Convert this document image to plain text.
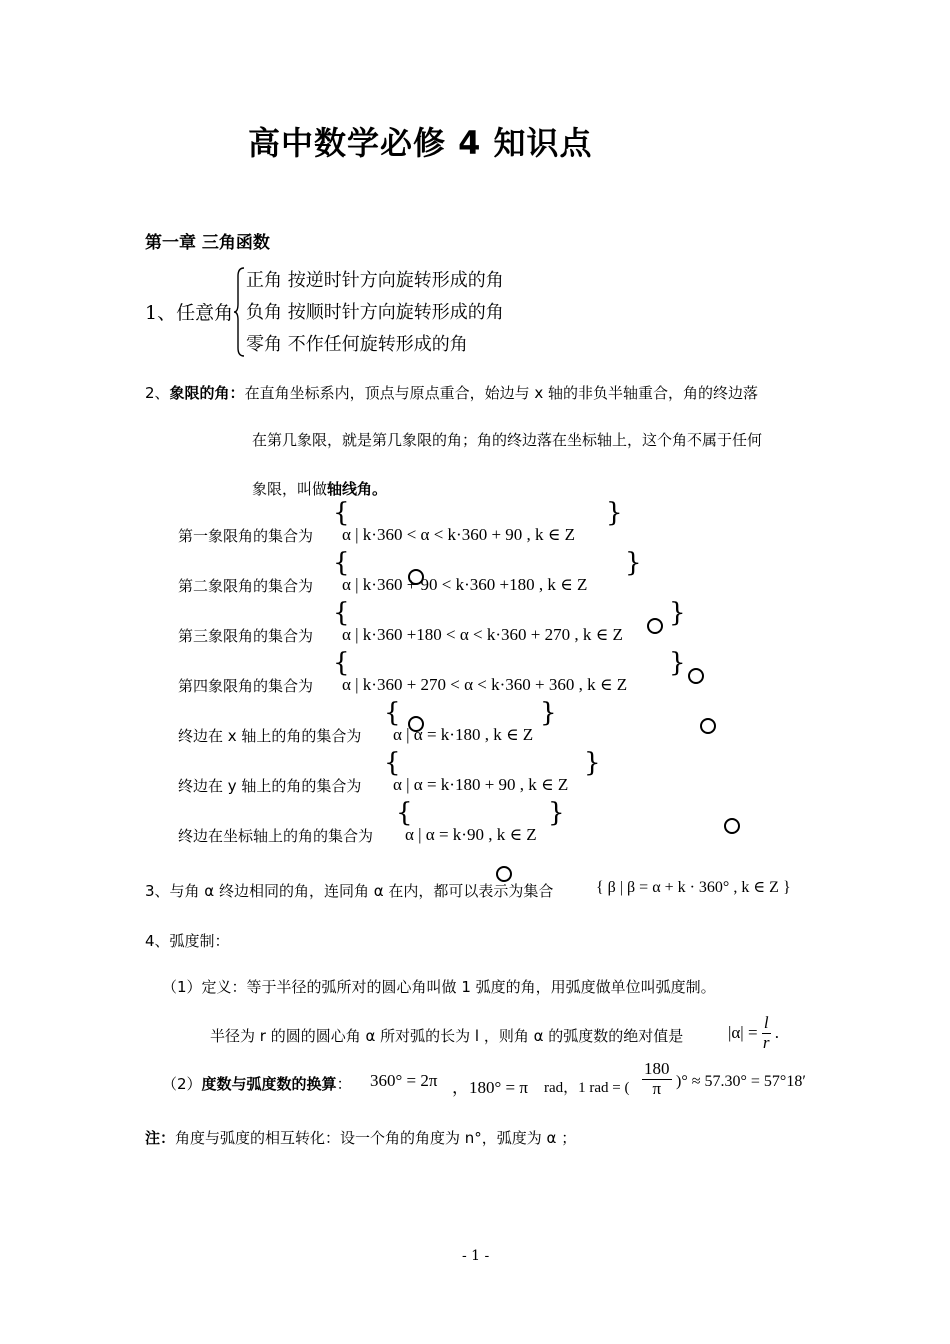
高中数学必修 4 知识点
第一章 三角函数
1、任意角
正角 按逆时针方向旋转形成的角
负角 按顺时针方向旋转形成的角
零角 不作任何旋转形成的角
2、象限的角：在直角坐标系内，顶点与原点重合，始边与 x 轴的非负半轴重合，角的终边落
在第几象限，就是第几象限的角；角的终边落在坐标轴上，这个角不属于任何
象限，叫做轴线角。
第一象限角的集合为
{
α | k·360 < α < k·360 + 90 , k ∈ Z
}
第二象限角的集合为
{
α | k·360 + 90 < k·360 +180 , k ∈ Z
}
第三象限角的集合为
{
α | k·360 +180 < α < k·360 + 270 , k ∈ Z
}
第四象限角的集合为
{
α | k·360 + 270 < α < k·360 + 360 , k ∈ Z
}
终边在 x 轴上的角的集合为
{
α | α = k·180 , k ∈ Z
}
终边在 y 轴上的角的集合为
{
α | α = k·180 + 90 , k ∈ Z
}
终边在坐标轴上的角的集合为
{
α | α = k·90 , k ∈ Z
}
3、与角 α 终边相同的角，连同角 α 在内，都可以表示为集合	{ β | β = α + k · 360° , k ∈ Z }
4、弧度制：
（1）定义：等于半径的弧所对的圆心角叫做 1 弧度的角，用弧度做单位叫弧度制。
半径为 r 的圆的圆心角 α 所对弧的长为 l ，则角 α 的弧度数的绝对值是	$|\alpha| = \frac{l}{r}$ .
（2）度数与弧度数的换算： 360° = 2π ，180° = π rad，1 rad = ( $\frac{180}{\pi}$ )° ≈ 57.30° = 57°18′
注：角度与弧度的相互转化：设一个角的角度为 n°，弧度为 α ；
- 1 -
